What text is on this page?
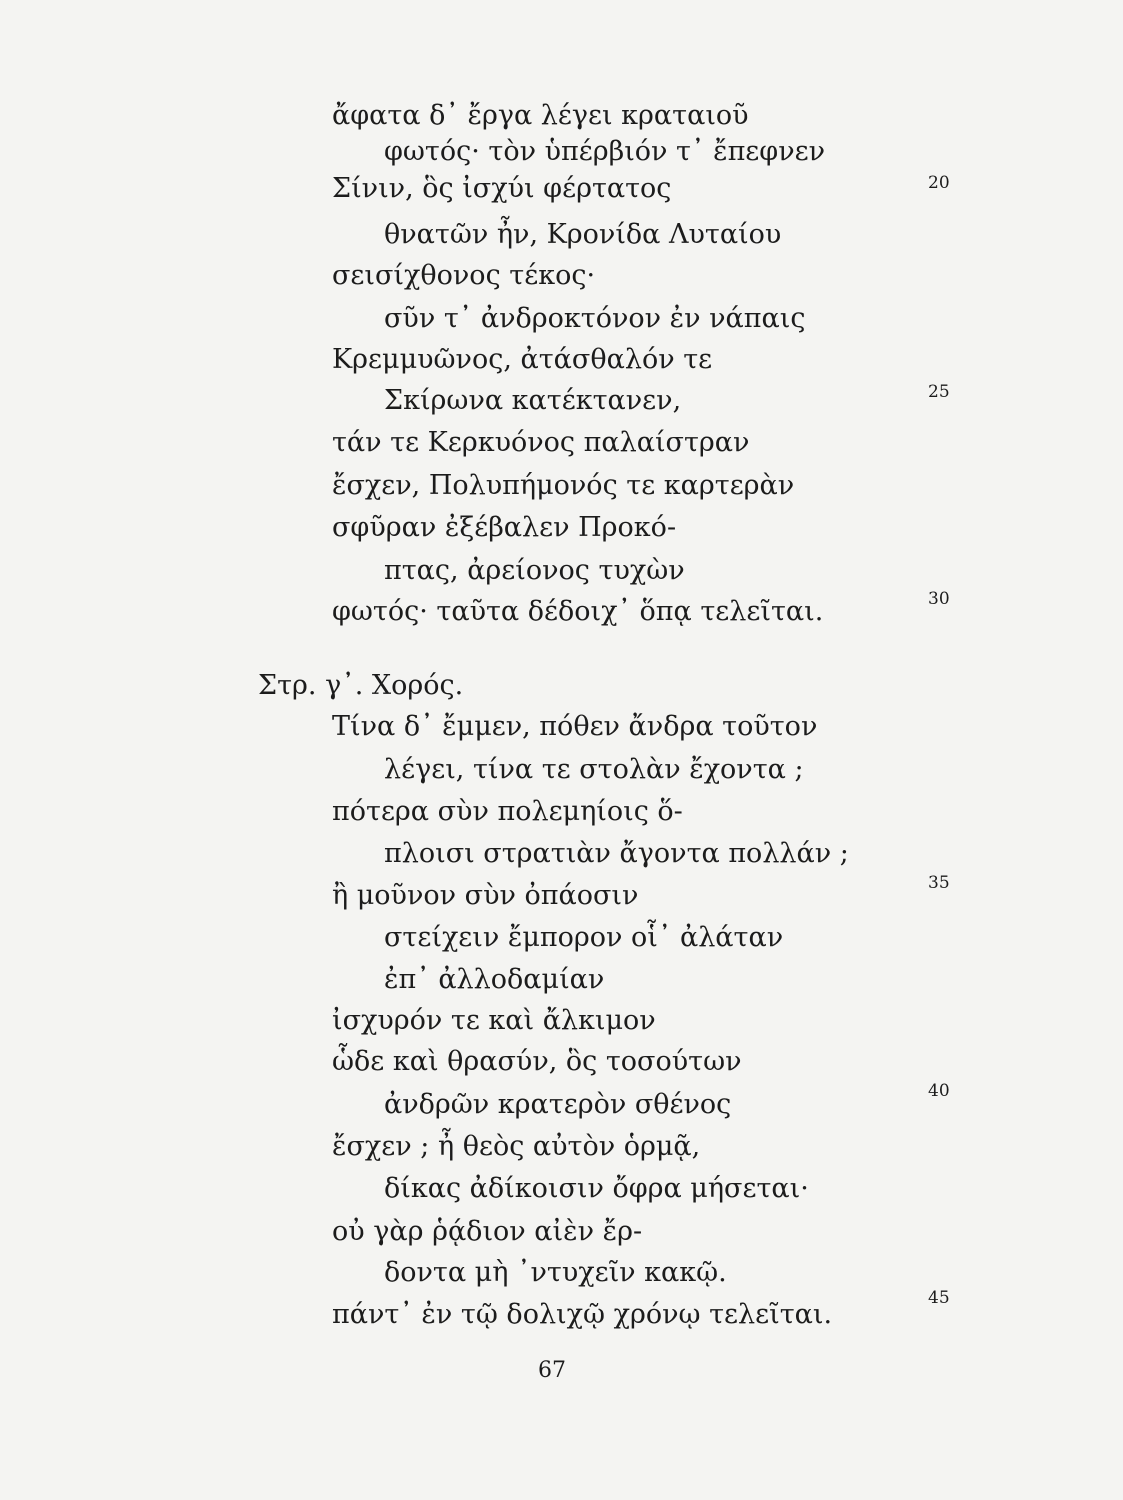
ἄφατα δ᾽ ἔργα λέγει κραταιοῦ
φωτός· τὸν ὑπέρβιόν τ᾽ ἔπεφνεν
Σίνιν, ὃς ἰσχύι φέρτατος
θνατῶν ἦν, Κρονίδα Λυταίου
σεισίχθονος τέκος·
σῦν τ᾽ ἀνδροκτόνον ἐν νάπαις
Κρεμμυῶνος, ἀτάσθαλόν τε
Σκίρωνα κατέκτανεν,
τάν τε Κερκυόνος παλαίστραν
ἔσχεν, Πολυπήμονός τε καρτερὰν
σφῦραν ἐξέβαλεν Προκό-
πτας, ἀρείονος τυχὼν
φωτός· ταῦτα δέδοιχ᾽ ὅπᾳ τελεῖται.
Στρ. γ᾽. Χορός.
Τίνα δ᾽ ἔμμεν, πόθεν ἄνδρα τοῦτον
λέγει, τίνα τε στολὰν ἔχοντα ;
πότερα σὺν πολεμηίοις ὅ-
πλοισι στρατιὰν ἄγοντα πολλάν ;
ἢ μοῦνον σὺν ὀπάοσιν
στείχειν ἔμπορον οἷ᾽ ἀλάταν
ἐπ᾽ ἀλλοδαμίαν
ἰσχυρόν τε καὶ ἄλκιμον
ὧδε καὶ θρασύν, ὃς τοσούτων
ἀνδρῶν κρατερὸν σθένος
ἔσχεν ; ἦ θεὸς αὐτὸν ὁρμᾷ,
δίκας ἀδίκοισιν ὄφρα μήσεται·
οὐ γὰρ ῥᾴδιον αἰὲν ἔρ-
δοντα μὴ ᾽ντυχεῖν κακῷ.
πάντ᾽ ἐν τῷ δολιχῷ χρόνῳ τελεῖται.
20
25
30
35
40
45
67
